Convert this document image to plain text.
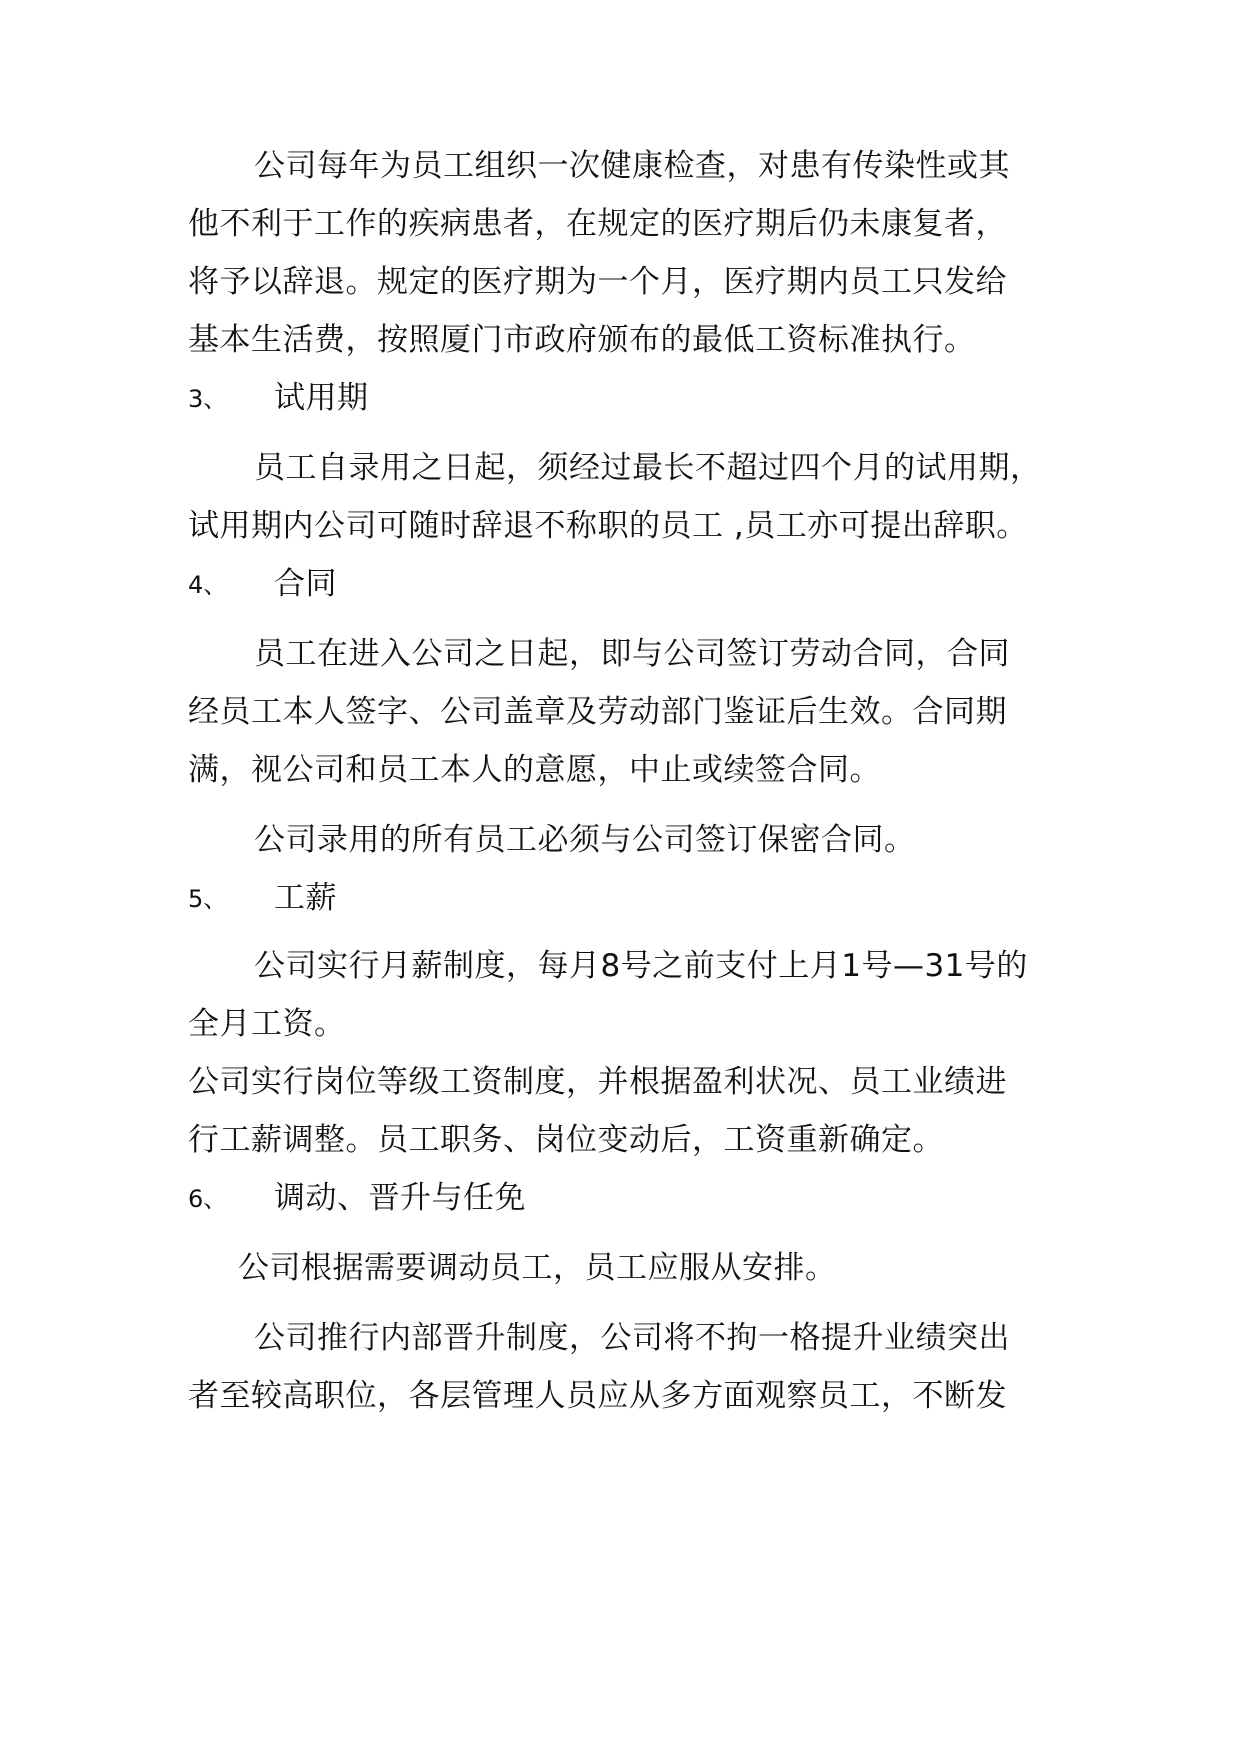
公司每年为员工组织一次健康检查，对患有传染性或其
他不利于工作的疾病患者，在规定的医疗期后仍未康复者，
将予以辞退。规定的医疗期为一个月，医疗期内员工只发给
基本生活费，按照厦门市政府颁布的最低工资标准执行。
3、 试用期
员工自录用之日起，须经过最长不超过四个月的试用期，
试用期内公司可随时辞退不称职的员工 ,员工亦可提出辞职。
4、 合同
员工在进入公司之日起，即与公司签订劳动合同，合同
经员工本人签字、公司盖章及劳动部门鉴证后生效。合同期
满，视公司和员工本人的意愿，中止或续签合同。
公司录用的所有员工必须与公司签订保密合同。
5、 工薪
公司实行月薪制度，每月8号之前支付上月1号—31号的
全月工资。
公司实行岗位等级工资制度，并根据盈利状况、员工业绩进
行工薪调整。员工职务、岗位变动后，工资重新确定。
6、 调动、晋升与任免
公司根据需要调动员工，员工应服从安排。
公司推行内部晋升制度，公司将不拘一格提升业绩突出
者至较高职位，各层管理人员应从多方面观察员工，不断发
